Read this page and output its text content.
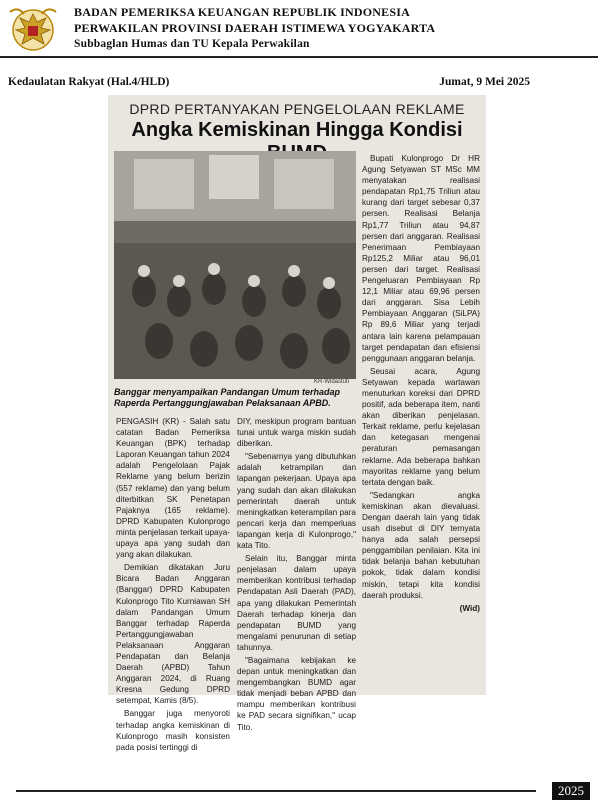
BADAN PEMERIKSA KEUANGAN REPUBLIK INDONESIA
PERWAKILAN PROVINSI DAERAH ISTIMEWA YOGYAKARTA
Subbaglan Humas dan TU Kepala Perwakilan
Kedaulatan Rakyat (Hal.4/HLD)	Jumat, 9 Mei 2025
DPRD PERTANYAKAN PENGELOLAAN REKLAME
Angka Kemiskinan Hingga Kondisi
KR-Widastuti
Banggar menyampaikan Pandangan Umum terhadap Raperda Pertanggungjawaban Pelaksanaan APBD.

PENGASIH (KR) - Salah satu catatan Badan Pemeriksa Keuangan (BPK) terhadap Laporan Keuangan tahun 2024 adalah Pengelolaan Pajak Reklame yang belum berizin (557 reklame) dan yang belum diterbitkan SK Penetapan Pajaknya (165 reklame). DPRD Kabupaten Kulonprogo minta penjelasan terkait upaya-upaya apa yang sudah dan yang akan dilakukan.

Demikian dikatakan Juru Bicara Badan Anggaran (Banggar) DPRD Kabupaten Kulonprogo Tito Kurniawan SH dalam Pandangan Umum Banggar terhadap Raperda Pertanggungjawaban Pelaksanaan Anggaran Pendapatan dan Belanja Daerah (APBD) Tahun Anggaran 2024, di Ruang Kresna Gedung DPRD setempat, Kamis (8/5).

Banggar juga menyoroti terhadap angka kemiskinan di Kulonprogo masih konsisten pada posisi tertinggi di

DIY, meskipun program bantuan tunai untuk warga miskin sudah diberikan.

"Sebenarnya yang dibutuhkan adalah ketrampilan dan lapangan pekerjaan. Upaya apa yang sudah dan akan dilakukan pemerintah daerah untuk meningkatkan keterampilan para pencari kerja dan memperluas lapangan kerja di Kulonprogo," kata Tito.

Selain itu, Banggar minta penjelasan dalam upaya memberikan kontribusi terhadap Pendapatan Asli Daerah (PAD), apa yang dilakukan Pemerintah Daerah terhadap kinerja dan pendapatan BUMD yang mengalami penurunan di setiap tahunnya.

"Bagaimana kebijakan ke depan untuk meningkatkan dan mengembangkan BUMD agar tidak menjadi beban APBD dan mampu memberikan kontribusi ke PAD secara signifikan," ucap Tito.

Bupati Kulonprogo Dr HR Agung Setyawan ST MSc MM menyatakan realisasi pendapatan Rp1,75 Triliun atau kurang dari target sebesar 0,37 persen. Realisasi Belanja Rp1,77 Triliun atau 94,87 persen dari anggaran. Realisasi Penerimaan Pembiayaan Rp125,2 Miliar atau 96,01 persen dari target. Realisasi Pengeluaran Pembiayaan Rp 12,1 Miliar atau 69,96 persen dari anggaran. Sisa Lebih Pembiayaan Anggaran (SiLPA) Rp 89,6 Miliar yang terjadi antara lain karena pelampauan target pendapatan dan efisiensi penggunaan anggaran belanja.

Seusai acara, Agung Setyawan kepada wartawan menuturkan koreksi dari DPRD positif, ada beberapa item, nanti akan diberikan penjelasan. Terkait reklame, perlu kejelasan dan ketegasan mengenai peraturan pemasangan reklame. Ada beberapa bahkan mayoritas reklame yang belum tertata dengan baik.

"Sedangkan angka kemiskinan akan dievaluasi. Dengan daerah lain yang tidak usah disebut di DIY ternyata hanya ada salah persepsi penggambilan penilaian. Kita ini tidak belanja bahan kebutuhan pokok, tidak dalam kondisi miskin, tetapi kita kondisi daerah produksi.

(Wid)
2025
